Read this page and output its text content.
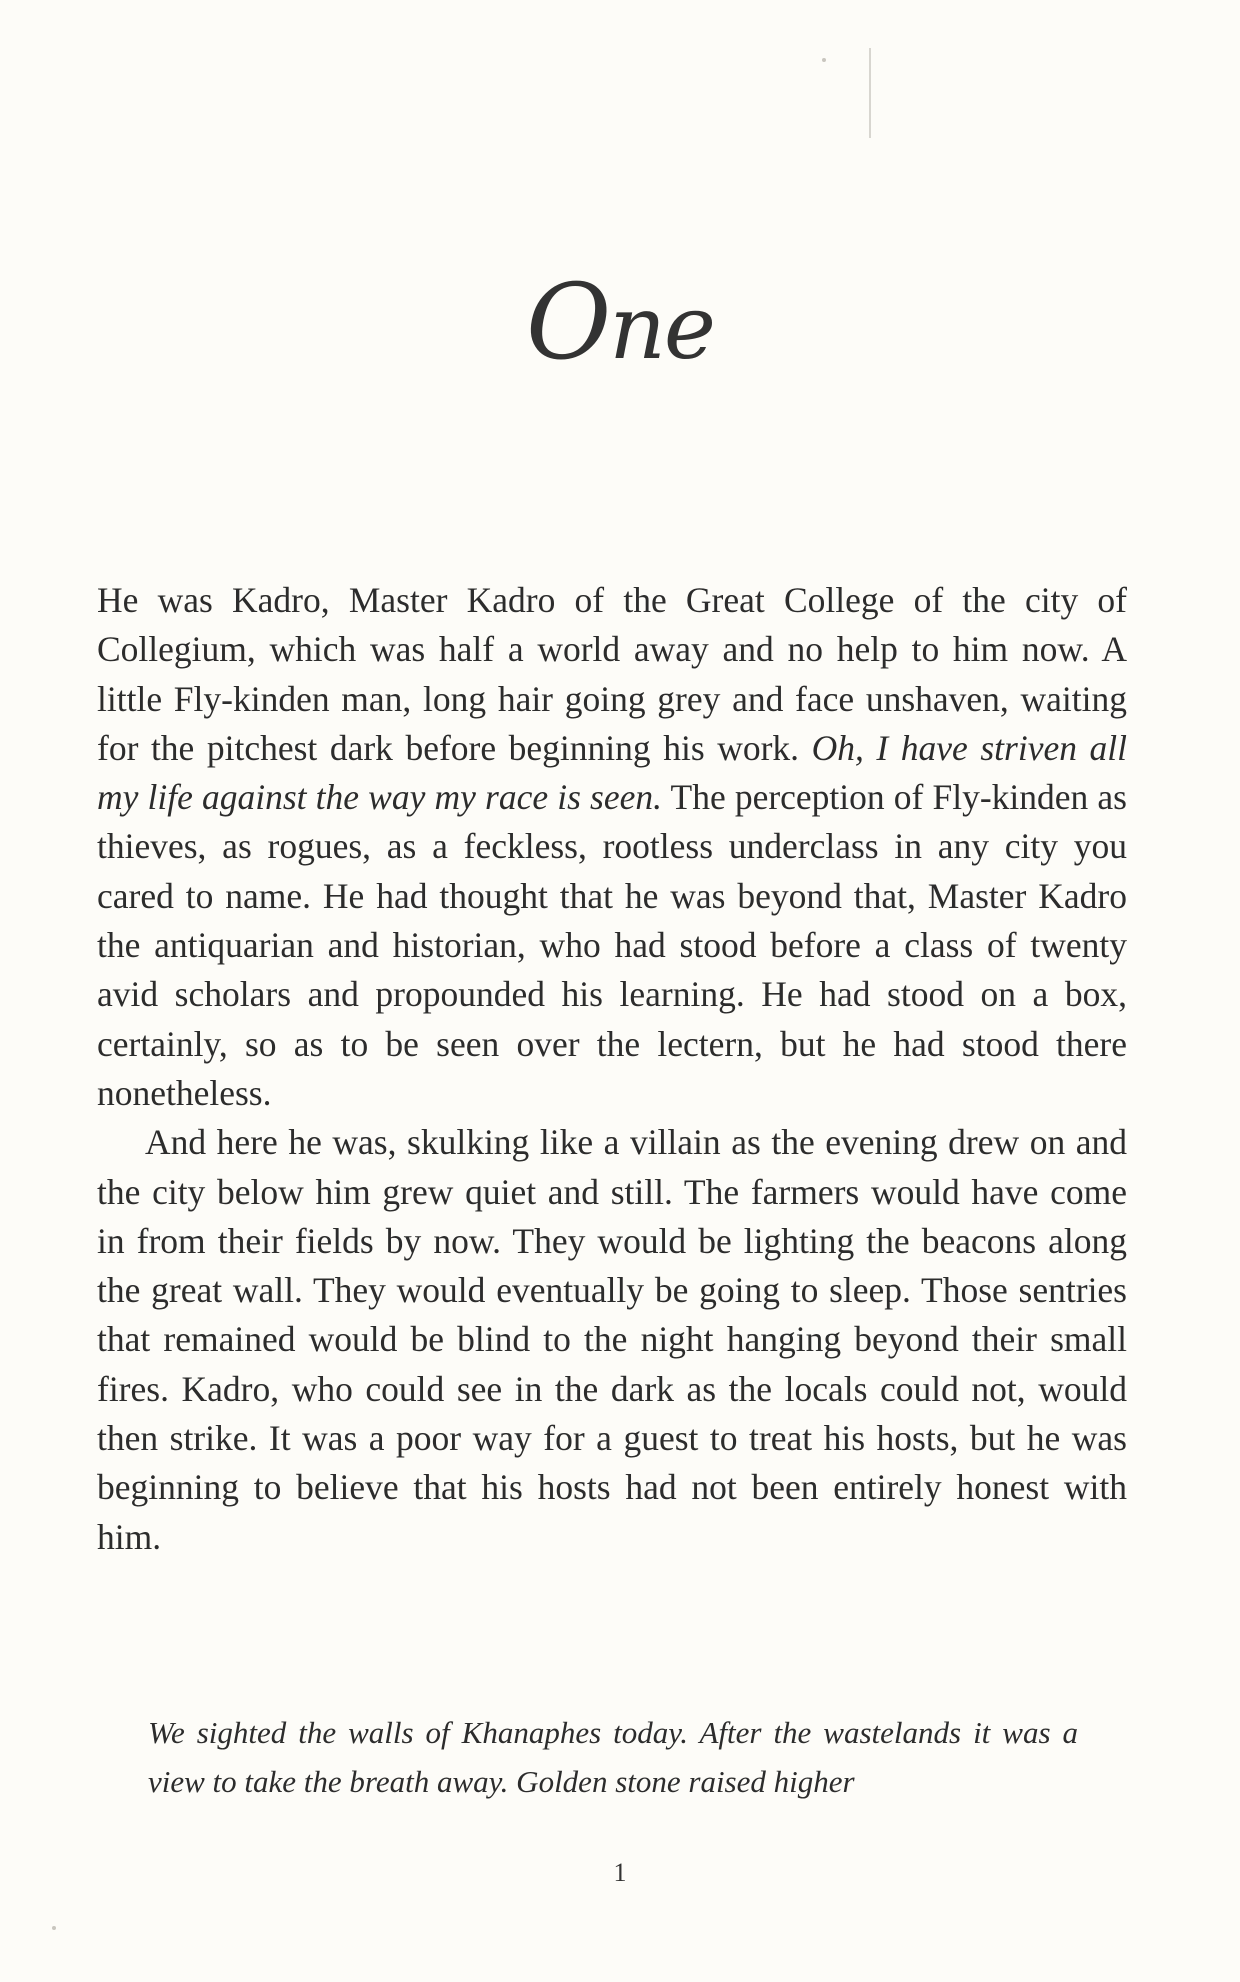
One

He was Kadro, Master Kadro of the Great College of the city of Collegium, which was half a world away and no help to him now. A little Fly-kinden man, long hair going grey and face unshaven, waiting for the pitchest dark before beginning his work. Oh, I have striven all my life against the way my race is seen. The perception of Fly-kinden as thieves, as rogues, as a feckless, rootless underclass in any city you cared to name. He had thought that he was beyond that, Master Kadro the antiquarian and historian, who had stood before a class of twenty avid scholars and propounded his learning. He had stood on a box, certainly, so as to be seen over the lectern, but he had stood there nonetheless.

And here he was, skulking like a villain as the evening drew on and the city below him grew quiet and still. The farmers would have come in from their fields by now. They would be lighting the beacons along the great wall. They would eventually be going to sleep. Those sentries that remained would be blind to the night hanging beyond their small fires. Kadro, who could see in the dark as the locals could not, would then strike. It was a poor way for a guest to treat his hosts, but he was beginning to believe that his hosts had not been entirely honest with him.

We sighted the walls of Khanaphes today. After the wastelands it was a view to take the breath away. Golden stone raised higher

1
